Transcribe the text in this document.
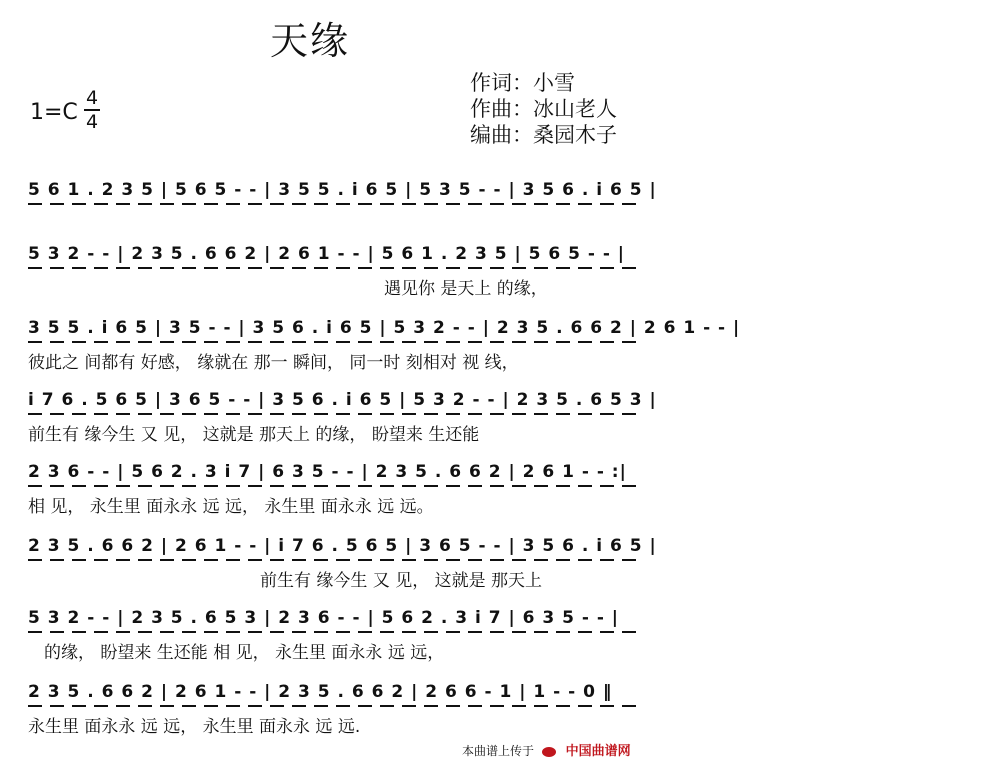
天缘
1=C
4
4
作词：小雪
作曲：冰山老人
编曲：桑园木子
5 6 1 . 2 3 5 | 5 6 5 - - | 3 5 5 . i 6 5 | 5 3 5 - - | 3 5 6 . i 6 5 |
5 3 2 - - | 2 3 5 . 6 6 2 | 2 6 1 - - | 5 6 1 . 2 3 5 | 5 6 5 - - |
遇见你 是天上 的缘，
3 5 5 . i 6 5 | 3 5 - - | 3 5 6 . i 6 5 | 5 3 2 - - | 2 3 5 . 6 6 2 | 2 6 1 - - |
彼此之 间都有 好感， 缘就在 那一 瞬间， 同一时 刻相对 视 线，
i 7 6 . 5 6 5 | 3 6 5 - - | 3 5 6 . i 6 5 | 5 3 2 - - | 2 3 5 . 6 5 3 |
前生有 缘今生 又 见， 这就是 那天上 的缘， 盼望来 生还能
2 3 6 - - | 5 6 2 . 3 i 7 | 6 3 5 - - | 2 3 5 . 6 6 2 | 2 6 1 - - :|
相 见， 永生里 面永永 远 远， 永生里 面永永 远 远。
2 3 5 . 6 6 2 | 2 6 1 - - | i 7 6 . 5 6 5 | 3 6 5 - - | 3 5 6 . i 6 5 |
前生有 缘今生 又 见， 这就是 那天上
5 3 2 - - | 2 3 5 . 6 5 3 | 2 3 6 - - | 5 6 2 . 3 i 7 | 6 3 5 - - |
的缘， 盼望来 生还能 相 见， 永生里 面永永 远 远，
2 3 5 . 6 6 2 | 2 6 1 - - | 2 3 5 . 6 6 2 | 2 6 6 - 1 | 1 - - 0 ‖
永生里 面永永 远 远， 永生里 面永永 远 远.
本曲谱上传于 中国曲谱网
